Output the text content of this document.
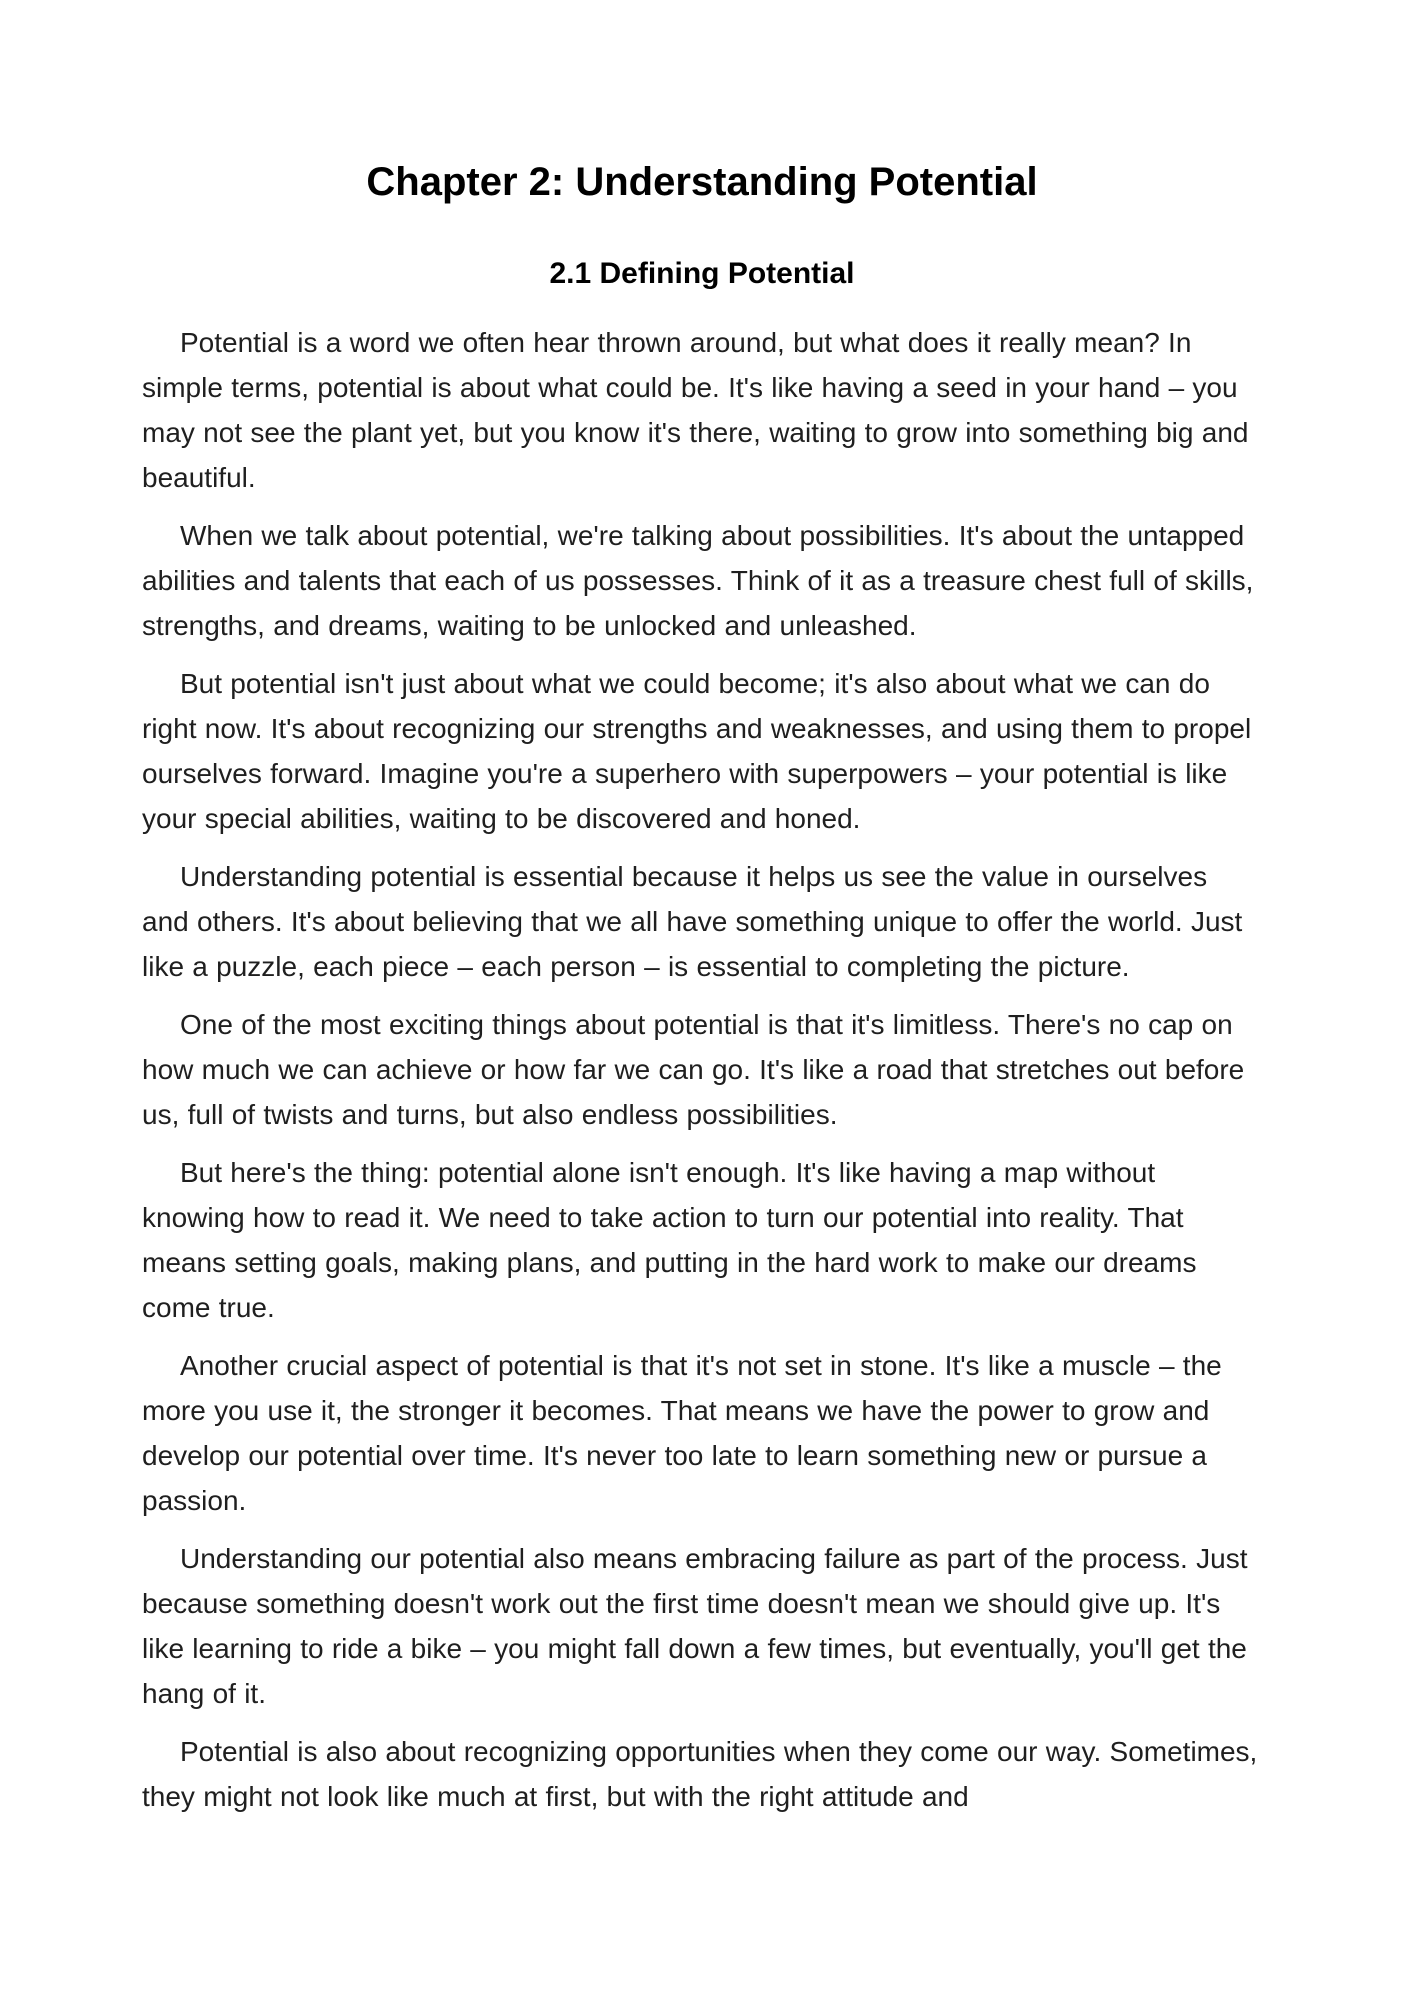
Chapter 2: Understanding Potential
2.1 Defining Potential

Potential is a word we often hear thrown around, but what does it really mean? In simple terms, potential is about what could be. It's like having a seed in your hand – you may not see the plant yet, but you know it's there, waiting to grow into something big and beautiful.

When we talk about potential, we're talking about possibilities. It's about the untapped abilities and talents that each of us possesses. Think of it as a treasure chest full of skills, strengths, and dreams, waiting to be unlocked and unleashed.

But potential isn't just about what we could become; it's also about what we can do right now. It's about recognizing our strengths and weaknesses, and using them to propel ourselves forward. Imagine you're a superhero with superpowers – your potential is like your special abilities, waiting to be discovered and honed.

Understanding potential is essential because it helps us see the value in ourselves and others. It's about believing that we all have something unique to offer the world. Just like a puzzle, each piece – each person – is essential to completing the picture.

One of the most exciting things about potential is that it's limitless. There's no cap on how much we can achieve or how far we can go. It's like a road that stretches out before us, full of twists and turns, but also endless possibilities.

But here's the thing: potential alone isn't enough. It's like having a map without knowing how to read it. We need to take action to turn our potential into reality. That means setting goals, making plans, and putting in the hard work to make our dreams come true.

Another crucial aspect of potential is that it's not set in stone. It's like a muscle – the more you use it, the stronger it becomes. That means we have the power to grow and develop our potential over time. It's never too late to learn something new or pursue a passion.

Understanding our potential also means embracing failure as part of the process. Just because something doesn't work out the first time doesn't mean we should give up. It's like learning to ride a bike – you might fall down a few times, but eventually, you'll get the hang of it.

Potential is also about recognizing opportunities when they come our way. Sometimes, they might not look like much at first, but with the right attitude and
